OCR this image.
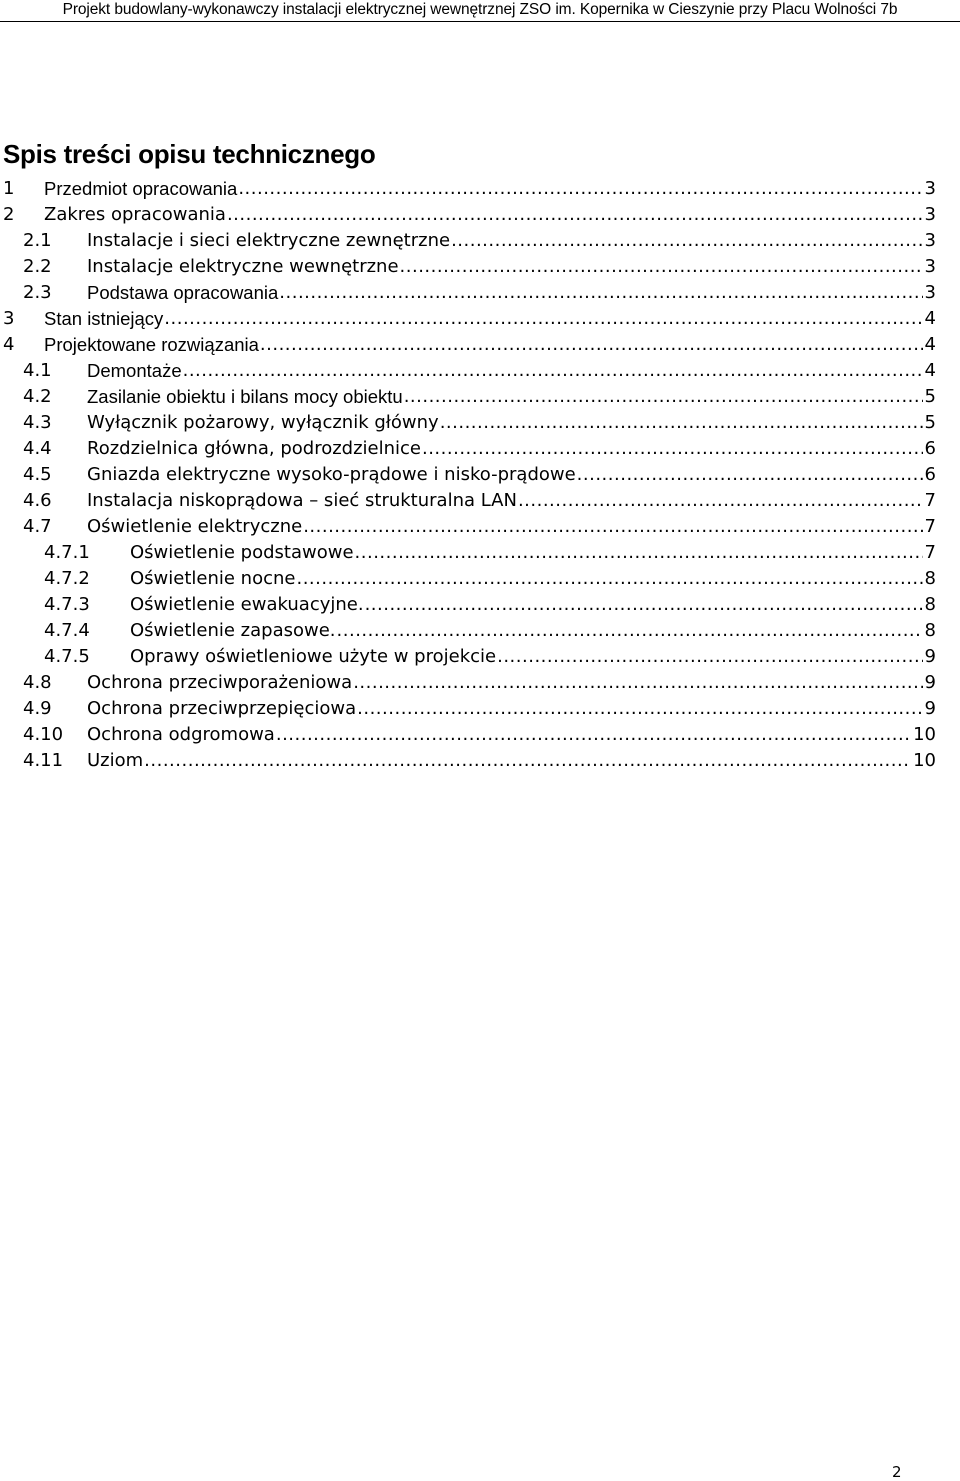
Projekt budowlany-wykonawczy instalacji elektrycznej wewnętrznej ZSO im. Kopernika w Cieszynie przy Placu Wolności 7b
Spis treści opisu technicznego
1 Przedmiot opracowania .....	3
2 Zakres opracowania .....	3
2.1 Instalacje i sieci elektryczne zewnętrzne .....	3
2.2 Instalacje elektryczne wewnętrzne .....	3
2.3 Podstawa opracowania .....	3
3 Stan istniejący .....	4
4 Projektowane rozwiązania .....	4
4.1 Demontaże .....	4
4.2 Zasilanie obiektu i bilans mocy obiektu .....	5
4.3 Wyłącznik pożarowy, wyłącznik główny .....	5
4.4 Rozdzielnica główna, podrozdzielnice .....	6
4.5 Gniazda elektryczne wysoko-prądowe i nisko-prądowe .....	6
4.6 Instalacja niskoprądowa – sieć strukturalna LAN .....	7
4.7 Oświetlenie elektryczne .....	7
4.7.1 Oświetlenie podstawowe .....	7
4.7.2 Oświetlenie nocne .....	8
4.7.3 Oświetlenie ewakuacyjne. .....	8
4.7.4 Oświetlenie zapasowe. .....	8
4.7.5 Oprawy oświetleniowe użyte w projekcie .....	9
4.8 Ochrona przeciwporażeniowa .....	9
4.9 Ochrona przeciwprzepięciowa .....	9
4.10 Ochrona odgromowa .....	10
4.11 Uziom .....	10
2
